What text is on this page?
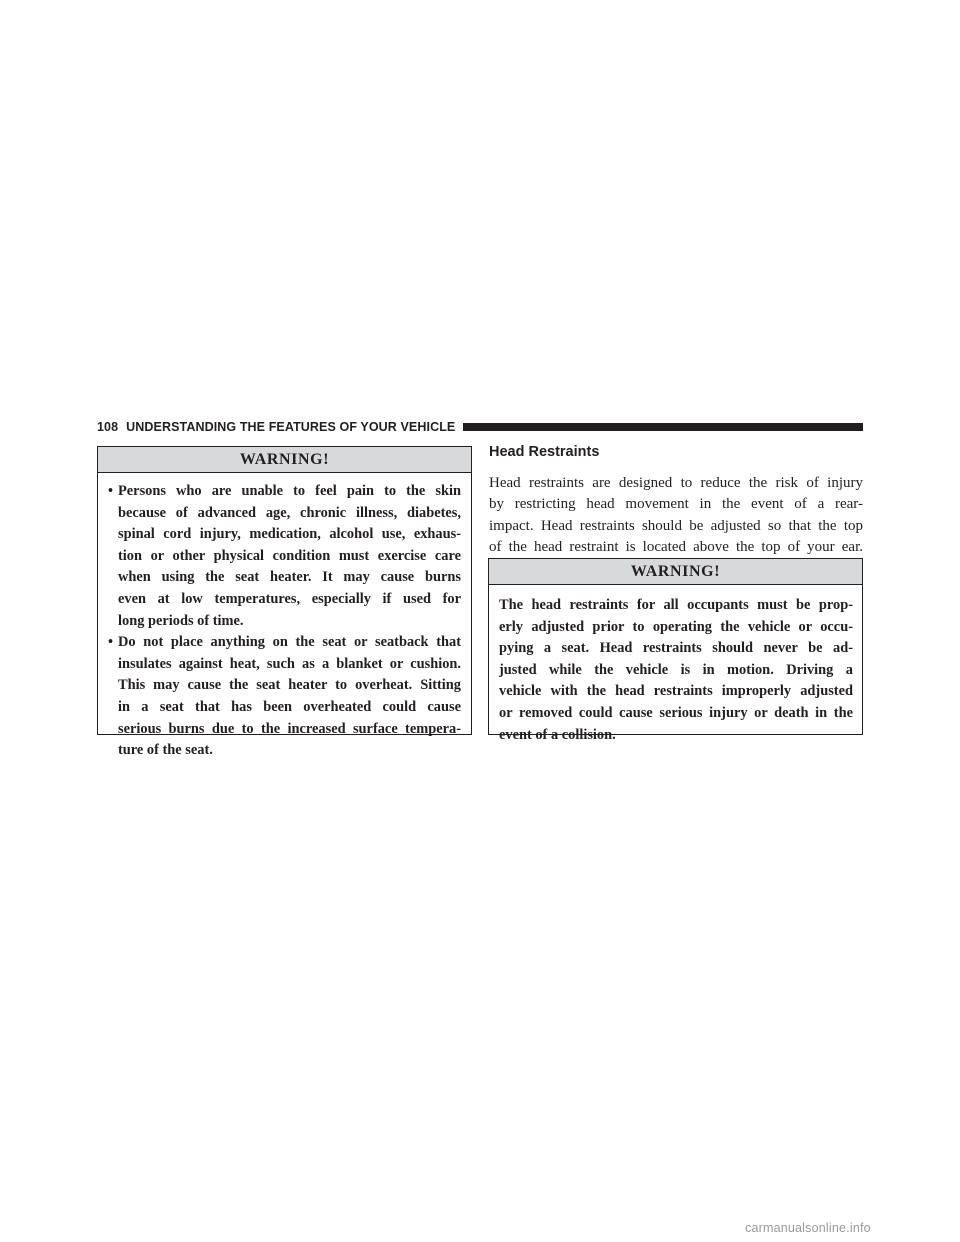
108 UNDERSTANDING THE FEATURES OF YOUR VEHICLE
WARNING!
• Persons who are unable to feel pain to the skin
because of advanced age, chronic illness, diabetes,
spinal cord injury, medication, alcohol use, exhaus-
tion or other physical condition must exercise care
when using the seat heater. It may cause burns
even at low temperatures, especially if used for
long periods of time.
• Do not place anything on the seat or seatback that
insulates against heat, such as a blanket or cushion.
This may cause the seat heater to overheat. Sitting
in a seat that has been overheated could cause
serious burns due to the increased surface tempera-
ture of the seat.
Head Restraints

Head restraints are designed to reduce the risk of injury
by restricting head movement in the event of a rear-
impact. Head restraints should be adjusted so that the top
of the head restraint is located above the top of your ear.

WARNING!

The head restraints for all occupants must be prop-
erly adjusted prior to operating the vehicle or occu-
pying a seat. Head restraints should never be ad-
justed while the vehicle is in motion. Driving a
vehicle with the head restraints improperly adjusted
or removed could cause serious injury or death in the
event of a collision.

carmanualsonline.info
